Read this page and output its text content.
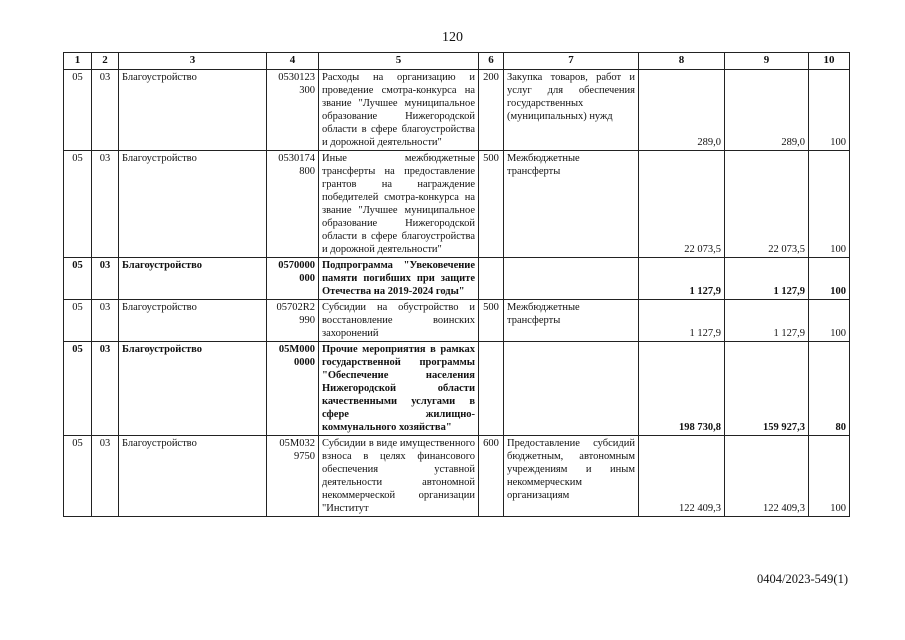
120
1	2	3	4	5	6	7	8	9	10
05	03	Благоустройство	0530123 300	Расходы на организацию и проведение смотра-конкурса на звание "Лучшее муниципальное образование Нижегородской области в сфере благоустройства и дорожной деятельности"	200	Закупка товаров, работ и услуг для обеспечения государственных (муниципальных) нужд	289,0	289,0	100
05	03	Благоустройство	0530174 800	Иные межбюджетные трансферты на предоставление грантов на награждение победителей смотра-конкурса на звание "Лучшее муниципальное образование Нижегородской области в сфере благоустройства и дорожной деятельности"	500	Межбюджетные трансферты	22 073,5	22 073,5	100
05	03	Благоустройство	0570000 000	Подпрограмма "Увековечение памяти погибших при защите Отечества на 2019-2024 годы"			1 127,9	1 127,9	100
05	03	Благоустройство	05702R2 990	Субсидии на обустройство и восстановление воинских захоронений	500	Межбюджетные трансферты	1 127,9	1 127,9	100
05	03	Благоустройство	05М000 0000	Прочие мероприятия в рамках государственной программы "Обеспечение населения Нижегородской области качественными услугами в сфере жилищно-коммунального хозяйства"			198 730,8	159 927,3	80
05	03	Благоустройство	05М032 9750	Субсидии в виде имущественного взноса в целях финансового обеспечения уставной деятельности автономной некоммерческой организации "Институт	600	Предоставление субсидий бюджетным, автономным учреждениям и иным некоммерческим организациям	122 409,3	122 409,3	100
0404/2023-549(1)
